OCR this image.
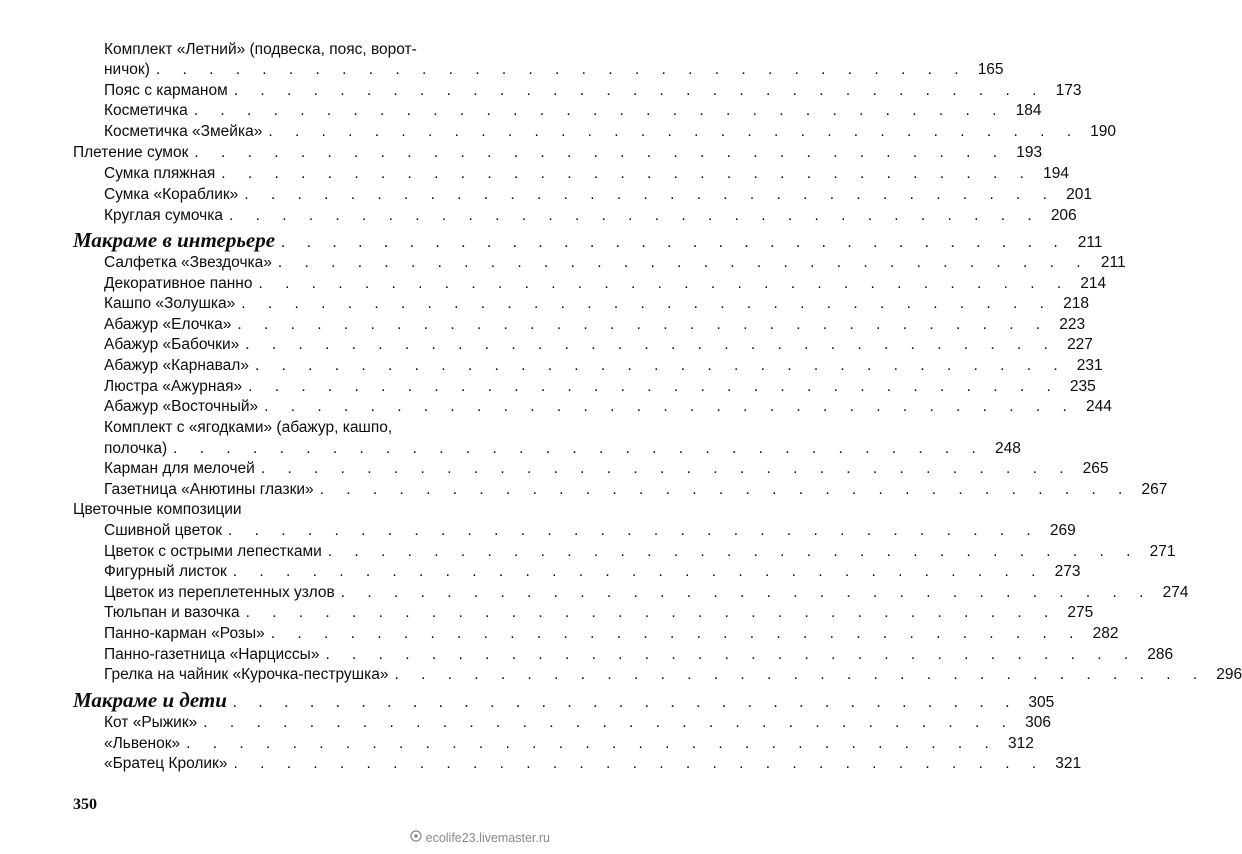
Комплект «Летний» (подвеска, пояс, ворот-
ничок) . . . . . . . . . . . . . . . . . . . . . . . . . . . . . . . 165
Пояс с карманом . . . . . . . . . . . . . . . . . . . . . . . . . . . . . . . 173
Косметичка . . . . . . . . . . . . . . . . . . . . . . . . . . . . . . . 184
Косметичка «Змейка» . . . . . . . . . . . . . . . . . . . . . . . . . . . . . . . 190
Плетение сумок . . . . . . . . . . . . . . . . . . . . . . . . . . . . . . . 193
Сумка пляжная . . . . . . . . . . . . . . . . . . . . . . . . . . . . . . . 194
Сумка «Кораблик» . . . . . . . . . . . . . . . . . . . . . . . . . . . . . . . 201
Круглая сумочка . . . . . . . . . . . . . . . . . . . . . . . . . . . . . . . 206
Макраме в интерьере . . . . . . . . . . . . . . . . . . . . . . . . . . . . . . . 211
Салфетка «Звездочка» . . . . . . . . . . . . . . . . . . . . . . . . . . . . . . . 211
Декоративное панно . . . . . . . . . . . . . . . . . . . . . . . . . . . . . . . 214
Кашпо «Золушка» . . . . . . . . . . . . . . . . . . . . . . . . . . . . . . . 218
Абажур «Елочка» . . . . . . . . . . . . . . . . . . . . . . . . . . . . . . . 223
Абажур «Бабочки» . . . . . . . . . . . . . . . . . . . . . . . . . . . . . . . 227
Абажур «Карнавал» . . . . . . . . . . . . . . . . . . . . . . . . . . . . . . . 231
Люстра «Ажурная» . . . . . . . . . . . . . . . . . . . . . . . . . . . . . . . 235
Абажур «Восточный» . . . . . . . . . . . . . . . . . . . . . . . . . . . . . . . 244
Комплект с «ягодками» (абажур, кашпо,
полочка) . . . . . . . . . . . . . . . . . . . . . . . . . . . . . . . 248
Карман для мелочей . . . . . . . . . . . . . . . . . . . . . . . . . . . . . . . 265
Газетница «Анютины глазки» . . . . . . . . . . . . . . . . . . . . . . . . . . . . . . . 267
Цветочные композиции
Сшивной цветок . . . . . . . . . . . . . . . . . . . . . . . . . . . . . . . 269
Цветок с острыми лепестками . . . . . . . . . . . . . . . . . . . . . . . . . . . . . . . 271
Фигурный листок . . . . . . . . . . . . . . . . . . . . . . . . . . . . . . . 273
Цветок из переплетенных узлов . . . . . . . . . . . . . . . . . . . . . . . . . . . . . . . 274
Тюльпан и вазочка . . . . . . . . . . . . . . . . . . . . . . . . . . . . . . . 275
Панно-карман «Розы» . . . . . . . . . . . . . . . . . . . . . . . . . . . . . . . 282
Панно-газетница «Нарциссы» . . . . . . . . . . . . . . . . . . . . . . . . . . . . . . . 286
Грелка на чайник «Курочка-пеструшка» . . . . . . . . . . . . . . . . . . . . . . . . . . . . . . . 296
Макраме и дети . . . . . . . . . . . . . . . . . . . . . . . . . . . . . . . 305
Кот «Рыжик» . . . . . . . . . . . . . . . . . . . . . . . . . . . . . . . 306
«Львенок» . . . . . . . . . . . . . . . . . . . . . . . . . . . . . . . 312
«Братец Кролик» . . . . . . . . . . . . . . . . . . . . . . . . . . . . . . . 321
350
ecolife23.livemaster.ru
